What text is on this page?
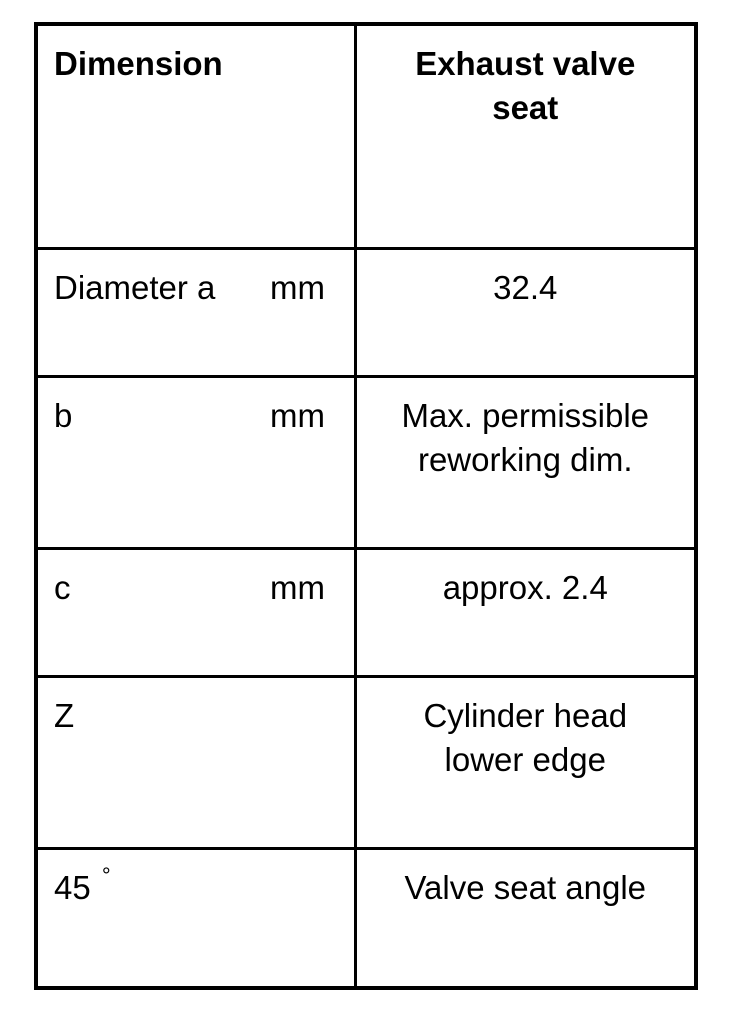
Dimension	Exhaust valve
seat

Diameter a mm	32.4

b mm	Max. permissible
reworking dim.

c mm	approx. 2.4

Z	Cylinder head
lower edge

45 °	Valve seat angle
